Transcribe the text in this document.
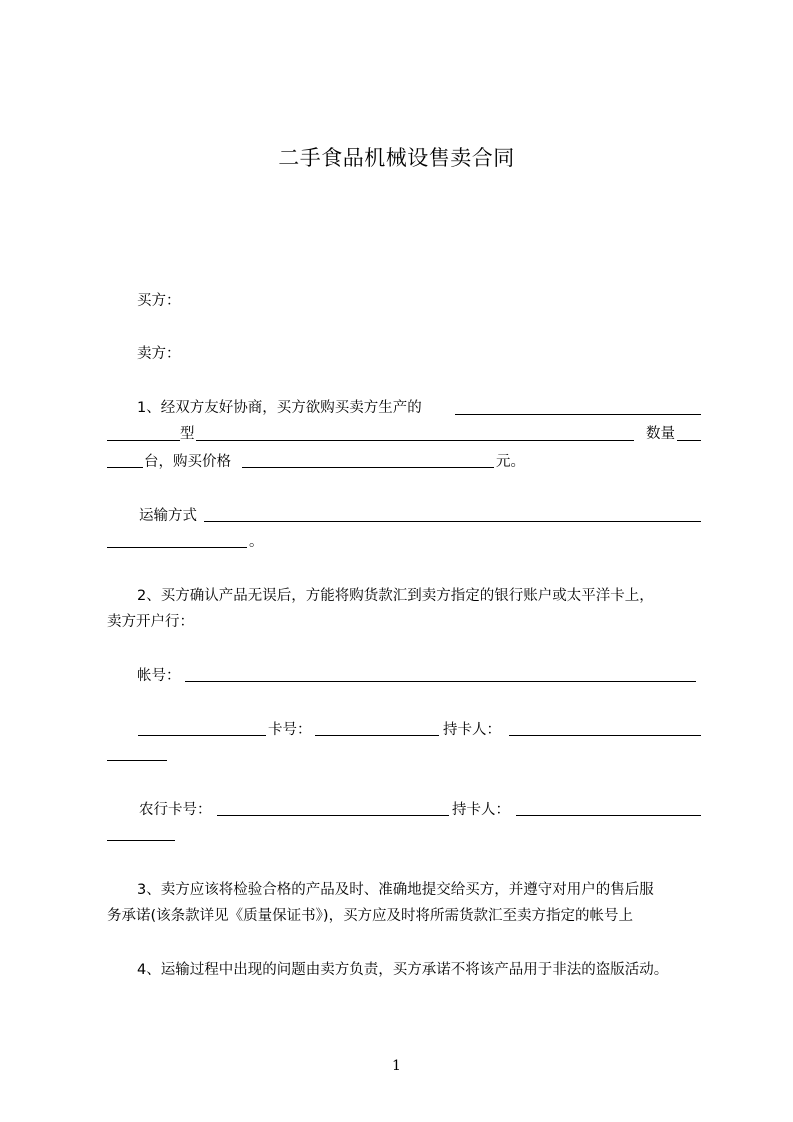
二手食品机械设售卖合同
买方：
卖方：
1、经双方友好协商，买方欲购买卖方生产的
型	数量
台，购买价格	元。
运输方式
。
2、买方确认产品无误后，方能将购货款汇到卖方指定的银行账户或太平洋卡上，
卖方开户行：
帐号：
卡号：	持卡人：
农行卡号：	持卡人：
3、卖方应该将检验合格的产品及时、准确地提交给买方，并遵守对用户的售后服
务承诺(该条款详见《质量保证书》)，买方应及时将所需货款汇至卖方指定的帐号上
4、运输过程中出现的问题由卖方负责，买方承诺不将该产品用于非法的盗版活动。
1
